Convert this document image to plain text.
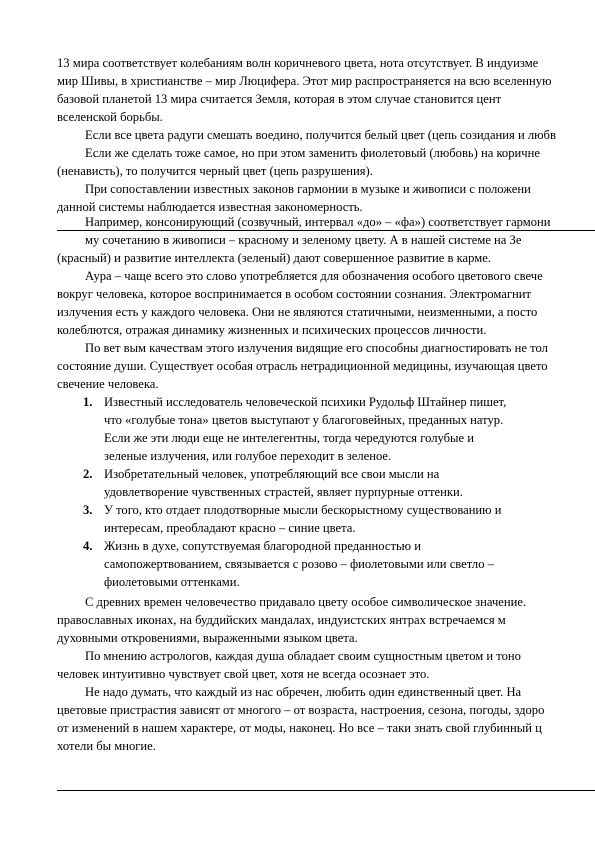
13 мира соответствует колебаниям волн коричневого цвета, нота отсутствует. В индуизме
мир Шивы, в христианстве – мир Люцифера. Этот мир распространяется на всю вселенную
базовой планетой 13 мира считается Земля, которая в этом случае становится цент
вселенской борьбы.
Если все цвета радуги смешать воедино, получится белый цвет (цепь созидания и любв
Если же сделать тоже самое, но при этом заменить фиолетовый (любовь) на коричне
(ненависть), то получится черный цвет (цепь разрушения).
При сопоставлении известных законов гармонии в музыке и живописи с положени
данной системы наблюдается известная закономерность.
Например, консонирующий (созвучный, интервал «до» – «фа») соответствует гармони
му сочетанию в живописи – красному и зеленому цвету. А в нашей системе на Зе
(красный) и развитие интеллекта (зеленый) дают совершенное развитие в карме.
Аура – чаще всего это слово употребляется для обозначения особого цветового свече
вокруг человека, которое воспринимается в особом состоянии сознания. Электромагнит
излучения есть у каждого человека. Они не являются статичными, неизменными, а посто
колеблются, отражая динамику жизненных и психических процессов личности.
По вет вым качествам этого излучения видящие его способны диагностировать не тол
состояние души. Существует особая отрасль нетрадиционной медицины, изучающая цвето
свечение человека.
1. Известный исследователь человеческой психики Рудольф Штайнер пишет,
что «голубые тона» цветов выступают у благоговейных, преданных натур.
Если же эти люди еще не интелегентны, тогда чередуются голубые и
зеленые излучения, или голубое переходит в зеленое.
2. Изобретательный человек, употребляющий все свои мысли на
удовлетворение чувственных страстей, являет пурпурные оттенки.
3. У того, кто отдает плодотворные мысли бескорыстному существованию и
интересам, преобладают красно – синие цвета.
4. Жизнь в духе, сопутствуемая благородной преданностью и
самопожертвованием, связывается с розово – фиолетовыми или светло –
фиолетовыми оттенками.
С древних времен человечество придавало цвету особое символическое значение.
православных иконах, на буддийских мандалах, индуистских янтрах встречаемся м
духовными откровениями, выраженными языком цвета.
По мнению астрологов, каждая душа обладает своим сущностным цветом и тоно
человек интуитивно чувствует свой цвет, хотя не всегда осознает это.
Не надо думать, что каждый из нас обречен, любить один единственный цвет. На
цветовые пристрастия зависят от многого – от возраста, настроения, сезона, погоды, здоро
от изменений в нашем характере, от моды, наконец. Но все – таки знать свой глубинный ц
хотели бы многие.
